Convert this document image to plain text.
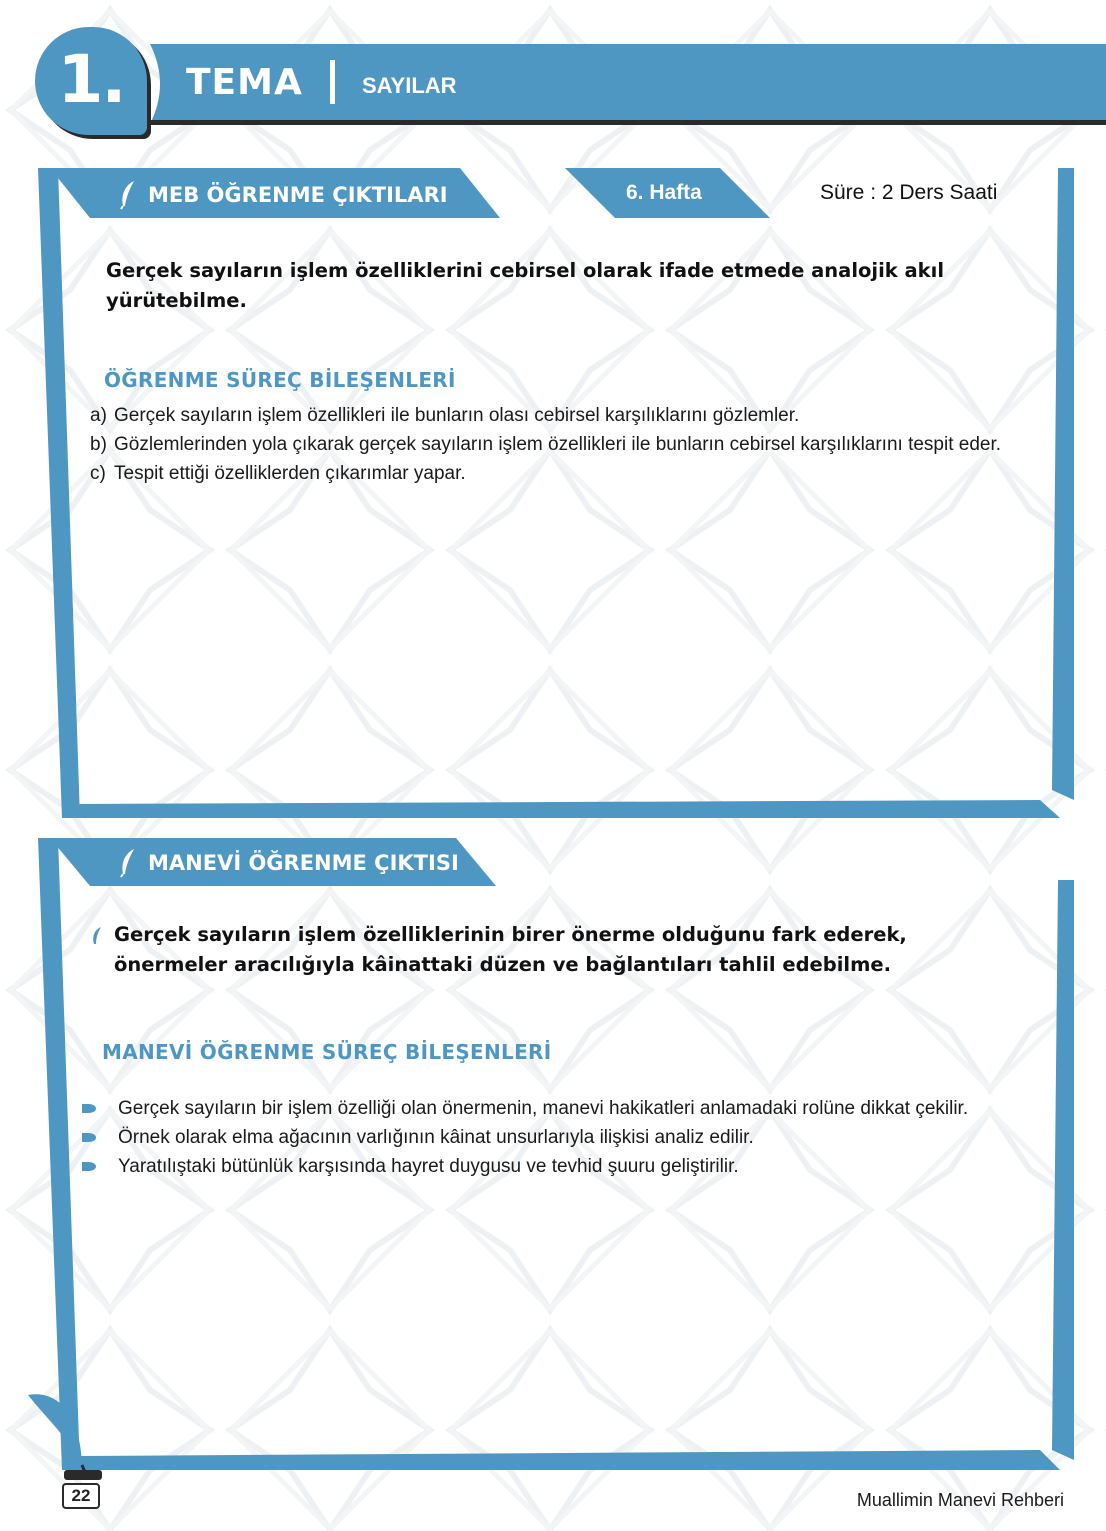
1.	TEMA	SAYILAR
MEB ÖĞRENME ÇIKTILARI	6. Hafta	Süre : 2 Ders Saati
Gerçek sayıların işlem özelliklerini cebirsel olarak ifade etmede analojik akıl yürütebilme.
ÖĞRENME SÜREÇ BİLEŞENLERİ
a) Gerçek sayıların işlem özellikleri ile bunların olası cebirsel karşılıklarını gözlemler.
b) Gözlemlerinden yola çıkarak gerçek sayıların işlem özellikleri ile bunların cebirsel karşılıklarını tespit eder.
c) Tespit ettiği özelliklerden çıkarımlar yapar.
MANEVİ ÖĞRENME ÇIKTISI
Gerçek sayıların işlem özelliklerinin birer önerme olduğunu fark ederek, önermeler aracılığıyla kâinattaki düzen ve bağlantıları tahlil edebilme.
MANEVİ ÖĞRENME SÜREÇ BİLEŞENLERİ
Gerçek sayıların bir işlem özelliği olan önermenin, manevi hakikatleri anlamadaki rolüne dikkat çekilir.
Örnek olarak elma ağacının varlığının kâinat unsurlarıyla ilişkisi analiz edilir.
Yaratılıştaki bütünlük karşısında hayret duygusu ve tevhid şuuru geliştirilir.
22	Muallimin Manevi Rehberi
